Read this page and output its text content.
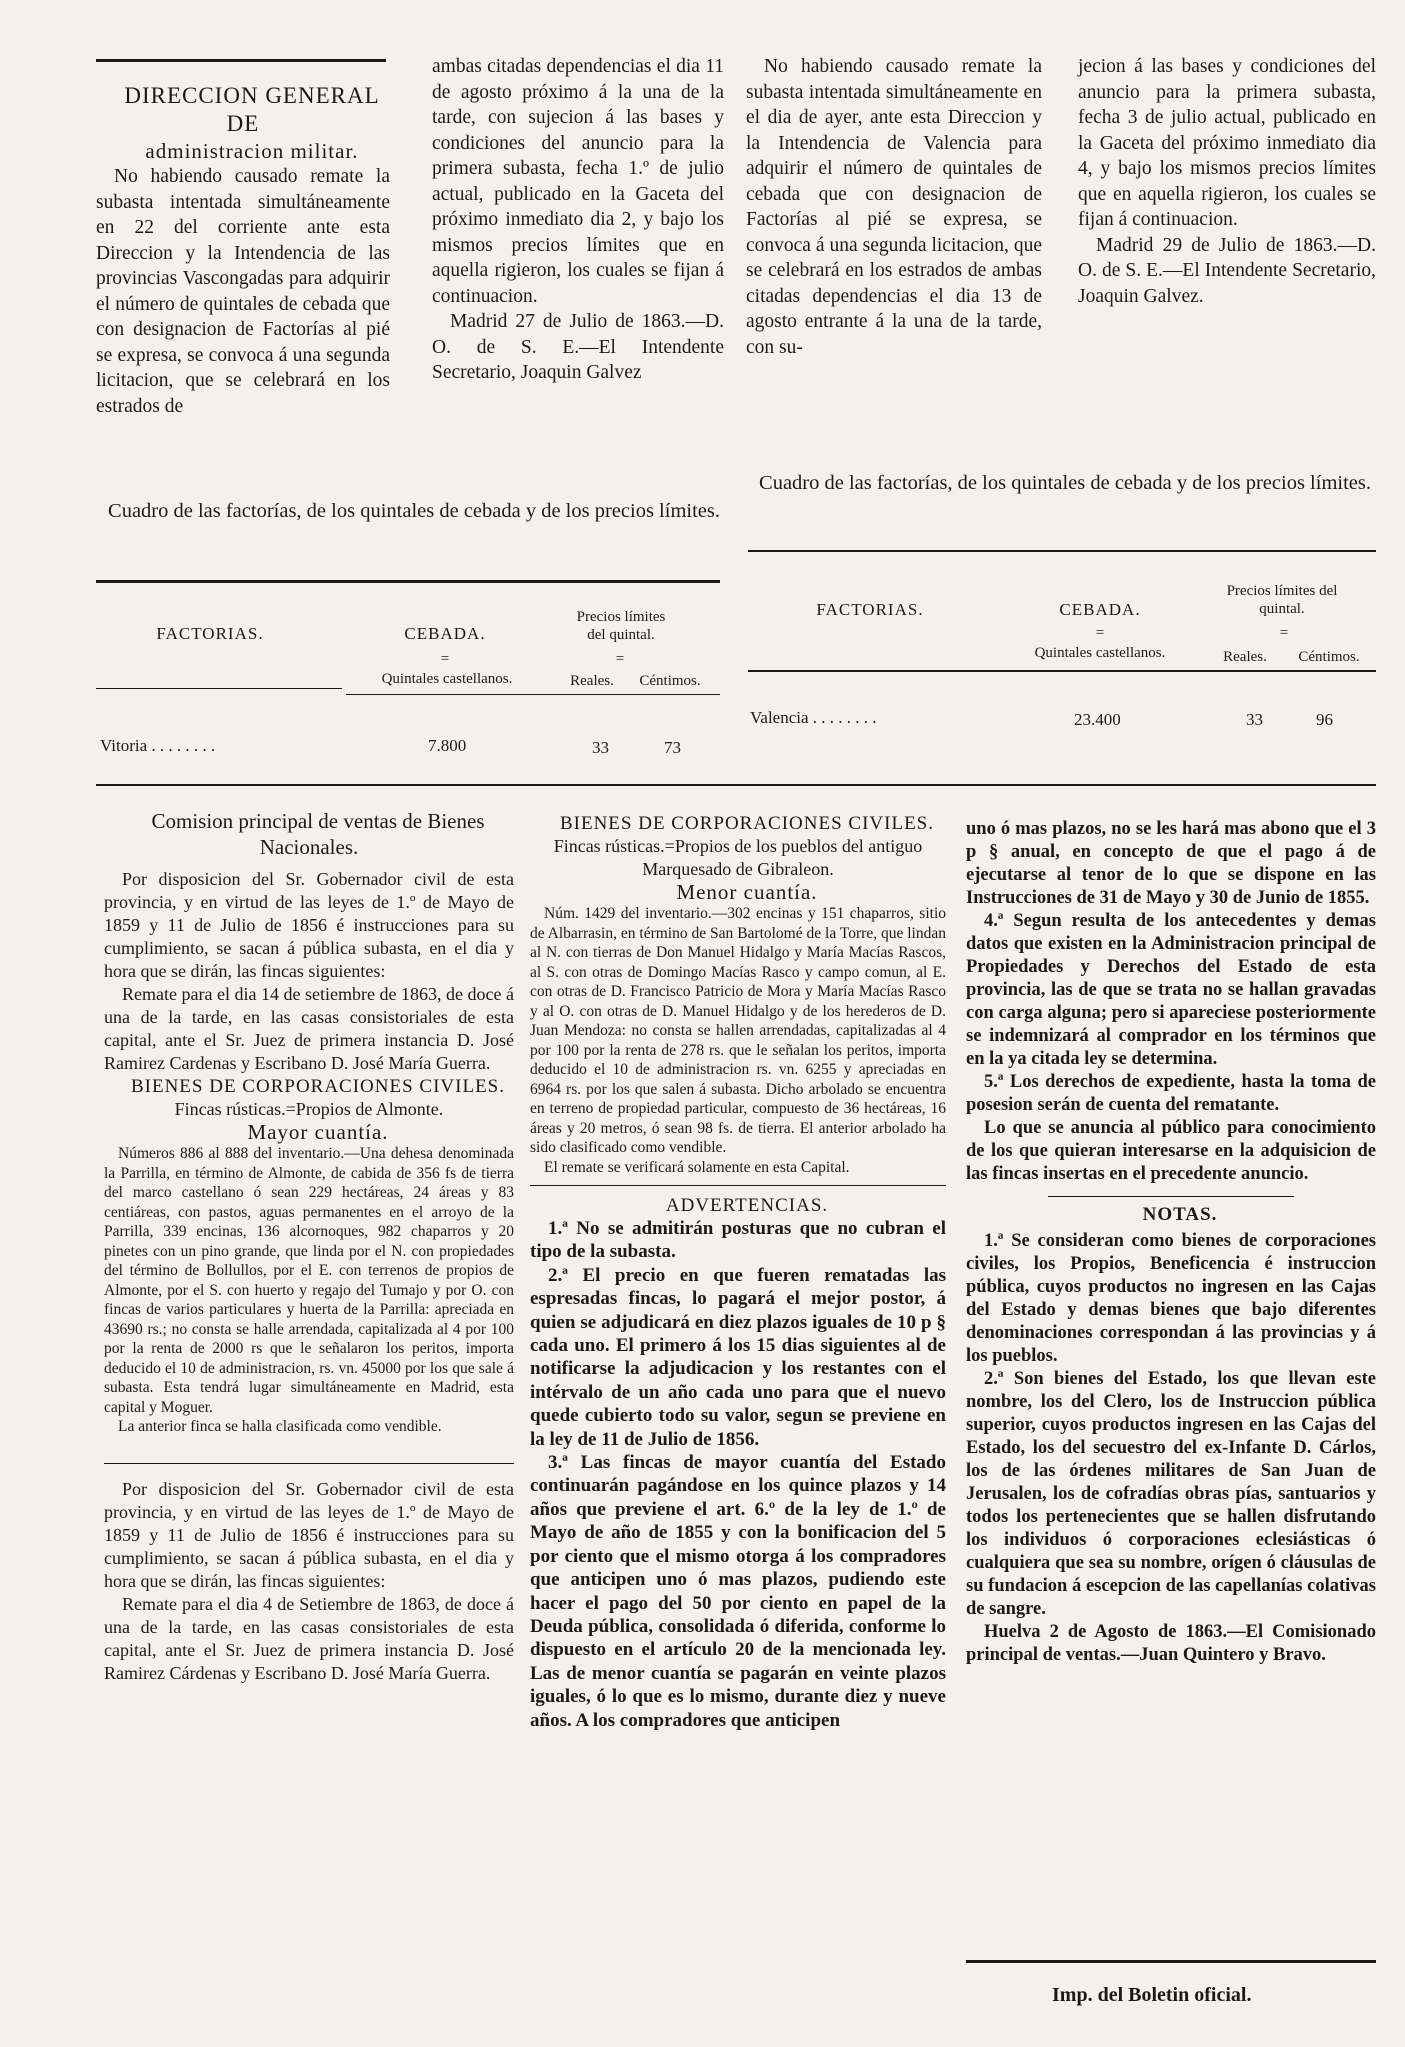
DIRECCION GENERAL DE

administracion militar.

No habiendo causado remate la subasta intentada simultáneamente en 22 del corriente ante esta Direccion y la Intendencia de las provincias Vascongadas para adquirir el número de quintales de cebada que con designacion de Factorías al pié se expresa, se convoca á una segunda licitacion, que se celebrará en los estrados de

ambas citadas dependencias el dia 11 de agosto próximo á la una de la tarde, con sujecion á las bases y condiciones del anuncio para la primera subasta, fecha 1.º de julio actual, publicado en la Gaceta del próximo inmediato dia 2, y bajo los mismos precios límites que en aquella rigieron, los cuales se fijan á continuacion.

Madrid 27 de Julio de 1863.—D. O. de S. E.—El Intendente Secretario, Joaquin Galvez

No habiendo causado remate la subasta intentada simultáneamente en el dia de ayer, ante esta Direccion y la Intendencia de Valencia para adquirir el número de quintales de cebada que con designacion de Factorías al pié se expresa, se convoca á una segunda licitacion, que se celebrará en los estrados de ambas citadas dependencias el dia 13 de agosto entrante á la una de la tarde, con su-

jecion á las bases y condiciones del anuncio para la primera subasta, fecha 3 de julio actual, publicado en la Gaceta del próximo inmediato dia 4, y bajo los mismos precios límites que en aquella rigieron, los cuales se fijan á continuacion.

Madrid 29 de Julio de 1863.—D. O. de S. E.—El Intendente Secretario, Joaquin Galvez.

Cuadro de las factorías, de los quintales de cebada y de los precios límites.
FACTORIAS.	CEBADA.
Precios límites del quintal.
=	=
Quintales castellanos.	Reales.	Céntimos.
Vitoria . . . . . . . .	7.800	33	73
Cuadro de las factorías, de los quintales de cebada y de los precios límites.
FACTORIAS.	CEBADA.
Precios límites del quintal.
=	=
Quintales castellanos.	Reales.	Céntimos.
Valencia . . . . . . . .	23.400	33	96

Comision principal de ventas de Bienes Nacionales.

Por disposicion del Sr. Gobernador civil de esta provincia, y en virtud de las leyes de 1.º de Mayo de 1859 y 11 de Julio de 1856 é instrucciones para su cumplimiento, se sacan á pública subasta, en el dia y hora que se dirán, las fincas siguientes:

Remate para el dia 14 de setiembre de 1863, de doce á una de la tarde, en las casas consistoriales de esta capital, ante el Sr. Juez de primera instancia D. José Ramirez Cardenas y Escribano D. José María Guerra.

BIENES DE CORPORACIONES CIVILES.

Fincas rústicas.=Propios de Almonte.

Mayor cuantía.

Números 886 al 888 del inventario.—Una dehesa denominada la Parrilla, en término de Almonte, de cabida de 356 fs de tierra del marco castellano ó sean 229 hectáreas, 24 áreas y 83 centiáreas, con pastos, aguas permanentes en el arroyo de la Parrilla, 339 encinas, 136 alcornoques, 982 chaparros y 20 pinetes con un pino grande, que linda por el N. con propiedades del término de Bollullos, por el E. con terrenos de propios de Almonte, por el S. con huerto y regajo del Tumajo y por O. con fincas de varios particulares y huerta de la Parrilla: apreciada en 43690 rs.; no consta se halle arrendada, capitalizada al 4 por 100 por la renta de 2000 rs que le señalaron los peritos, importa deducido el 10 de administracion, rs. vn. 45000 por los que sale á subasta. Esta tendrá lugar simultáneamente en Madrid, esta capital y Moguer.

La anterior finca se halla clasificada como vendible.

Por disposicion del Sr. Gobernador civil de esta provincia, y en virtud de las leyes de 1.º de Mayo de 1859 y 11 de Julio de 1856 é instrucciones para su cumplimiento, se sacan á pública subasta, en el dia y hora que se dirán, las fincas siguientes:

Remate para el dia 4 de Setiembre de 1863, de doce á una de la tarde, en las casas consistoriales de esta capital, ante el Sr. Juez de primera instancia D. José Ramirez Cárdenas y Escribano D. José María Guerra.

BIENES DE CORPORACIONES CIVILES.

Fincas rústicas.=Propios de los pueblos del antiguo Marquesado de Gibraleon.

Menor cuantía.

Núm. 1429 del inventario.—302 encinas y 151 chaparros, sitio de Albarrasin, en término de San Bartolomé de la Torre, que lindan al N. con tierras de Don Manuel Hidalgo y María Macías Rascos, al S. con otras de Domingo Macías Rasco y campo comun, al E. con otras de D. Francisco Patricio de Mora y María Macías Rasco y al O. con otras de D. Manuel Hidalgo y de los herederos de D. Juan Mendoza: no consta se hallen arrendadas, capitalizadas al 4 por 100 por la renta de 278 rs. que le señalan los peritos, importa deducido el 10 de administracion rs. vn. 6255 y apreciadas en 6964 rs. por los que salen á subasta. Dicho arbolado se encuentra en terreno de propiedad particular, compuesto de 36 hectáreas, 16 áreas y 20 metros, ó sean 98 fs. de tierra. El anterior arbolado ha sido clasificado como vendible.

El remate se verificará solamente en esta Capital.

ADVERTENCIAS.

1.ª No se admitirán posturas que no cubran el tipo de la subasta.

2.ª El precio en que fueren rematadas las espresadas fincas, lo pagará el mejor postor, á quien se adjudicará en diez plazos iguales de 10 p § cada uno. El primero á los 15 dias siguientes al de notificarse la adjudicacion y los restantes con el intérvalo de un año cada uno para que el nuevo quede cubierto todo su valor, segun se previene en la ley de 11 de Julio de 1856.

3.ª Las fincas de mayor cuantía del Estado continuarán pagándose en los quince plazos y 14 años que previene el art. 6.º de la ley de 1.º de Mayo de año de 1855 y con la bonificacion del 5 por ciento que el mismo otorga á los compradores que anticipen uno ó mas plazos, pudiendo este hacer el pago del 50 por ciento en papel de la Deuda pública, consolidada ó diferida, conforme lo dispuesto en el artículo 20 de la mencionada ley. Las de menor cuantía se pagarán en veinte plazos iguales, ó lo que es lo mismo, durante diez y nueve años. A los compradores que anticipen

uno ó mas plazos, no se les hará mas abono que el 3 p § anual, en concepto de que el pago á de ejecutarse al tenor de lo que se dispone en las Instrucciones de 31 de Mayo y 30 de Junio de 1855.

4.ª Segun resulta de los antecedentes y demas datos que existen en la Administracion principal de Propiedades y Derechos del Estado de esta provincia, las de que se trata no se hallan gravadas con carga alguna; pero si apareciese posteriormente se indemnizará al comprador en los términos que en la ya citada ley se determina.

5.ª Los derechos de expediente, hasta la toma de posesion serán de cuenta del rematante.

Lo que se anuncia al público para conocimiento de los que quieran interesarse en la adquisicion de las fincas insertas en el precedente anuncio.

NOTAS.

1.ª Se consideran como bienes de corporaciones civiles, los Propios, Beneficencia é instruccion pública, cuyos productos no ingresen en las Cajas del Estado y demas bienes que bajo diferentes denominaciones correspondan á las provincias y á los pueblos.

2.ª Son bienes del Estado, los que llevan este nombre, los del Clero, los de Instruccion pública superior, cuyos productos ingresen en las Cajas del Estado, los del secuestro del ex-Infante D. Cárlos, los de las órdenes militares de San Juan de Jerusalen, los de cofradías obras pías, santuarios y todos los pertenecientes que se hallen disfrutando los individuos ó corporaciones eclesiásticas ó cualquiera que sea su nombre, orígen ó cláusulas de su fundacion á escepcion de las capellanías colativas de sangre.

Huelva 2 de Agosto de 1863.—El Comisionado principal de ventas.—Juan Quintero y Bravo.

Imp. del Boletin oficial.
